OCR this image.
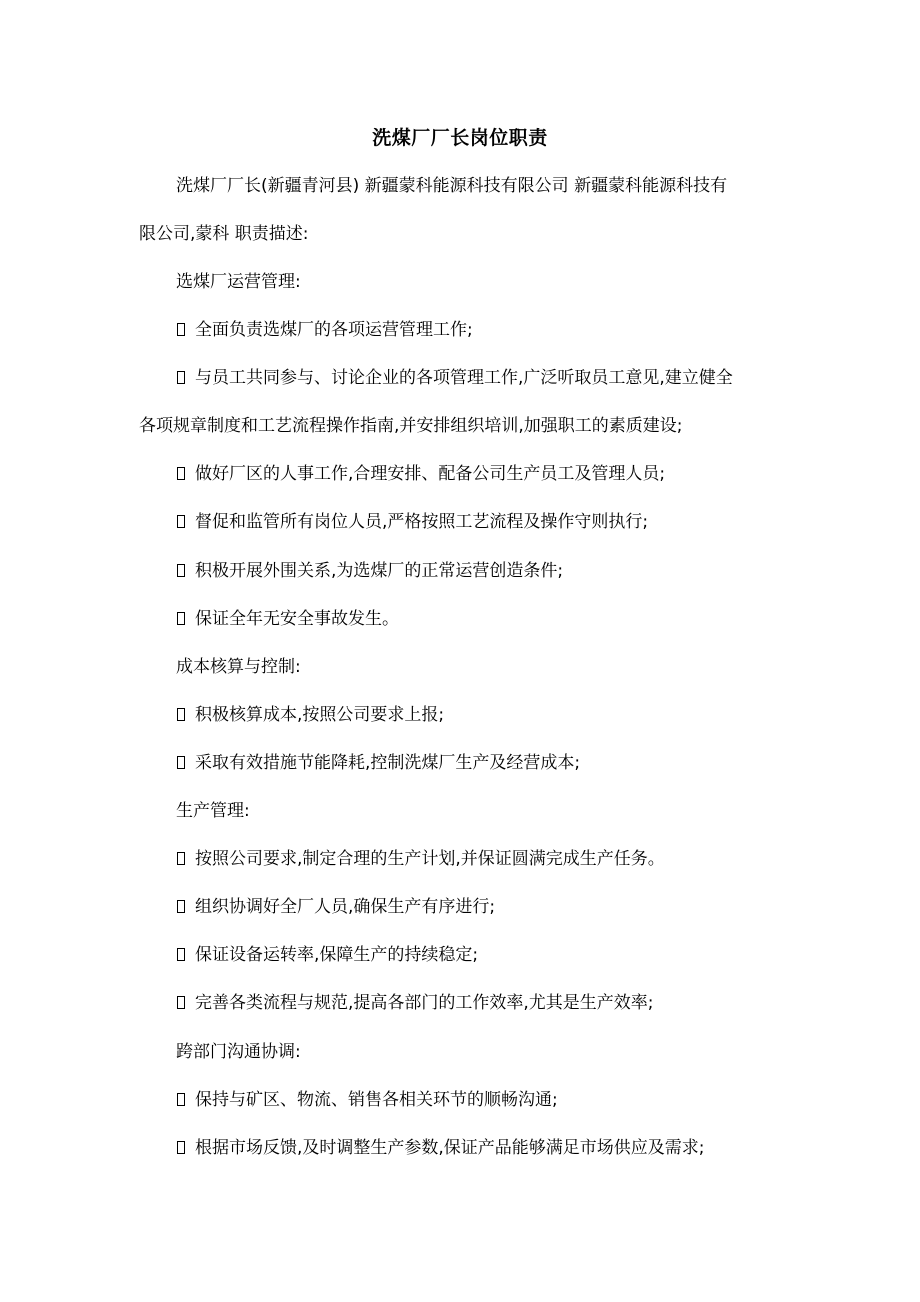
洗煤厂厂长岗位职责
洗煤厂厂长(新疆青河县) 新疆蒙科能源科技有限公司 新疆蒙科能源科技有
限公司,蒙科 职责描述:
选煤厂运营管理:
全面负责选煤厂的各项运营管理工作;
与员工共同参与、讨论企业的各项管理工作,广泛听取员工意见,建立健全
各项规章制度和工艺流程操作指南,并安排组织培训,加强职工的素质建设;
做好厂区的人事工作,合理安排、配备公司生产员工及管理人员;
督促和监管所有岗位人员,严格按照工艺流程及操作守则执行;
积极开展外围关系,为选煤厂的正常运营创造条件;
保证全年无安全事故发生。
成本核算与控制:
积极核算成本,按照公司要求上报;
采取有效措施节能降耗,控制洗煤厂生产及经营成本;
生产管理:
按照公司要求,制定合理的生产计划,并保证圆满完成生产任务。
组织协调好全厂人员,确保生产有序进行;
保证设备运转率,保障生产的持续稳定;
完善各类流程与规范,提高各部门的工作效率,尤其是生产效率;
跨部门沟通协调:
保持与矿区、物流、销售各相关环节的顺畅沟通;
根据市场反馈,及时调整生产参数,保证产品能够满足市场供应及需求;
